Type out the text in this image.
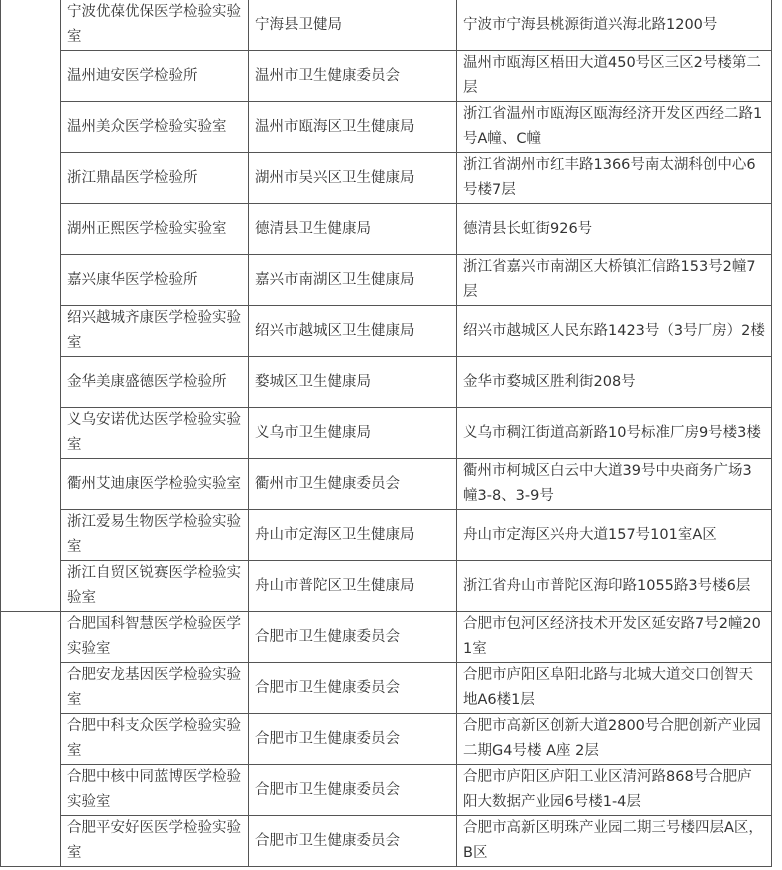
	宁波优葆优保医学检验实验室	宁海县卫健局	宁波市宁海县桃源街道兴海北路1200号
	温州迪安医学检验所	温州市卫生健康委员会	温州市瓯海区梧田大道450号区三区2号楼第二层
	温州美众医学检验实验室	温州市瓯海区卫生健康局	浙江省温州市瓯海区瓯海经济开发区西经二路1号A幢、C幢
	浙江鼎晶医学检验所	湖州市吴兴区卫生健康局	浙江省湖州市红丰路1366号南太湖科创中心6号楼7层
	湖州正熙医学检验实验室	德清县卫生健康局	德清县长虹街926号
	嘉兴康华医学检验所	嘉兴市南湖区卫生健康局	浙江省嘉兴市南湖区大桥镇汇信路153号2幢7层
	绍兴越城齐康医学检验实验室	绍兴市越城区卫生健康局	绍兴市越城区人民东路1423号（3号厂房）2楼
	金华美康盛德医学检验所	婺城区卫生健康局	金华市婺城区胜利街208号
	义乌安诺优达医学检验实验室	义乌市卫生健康局	义乌市稠江街道高新路10号标准厂房9号楼3楼
	衢州艾迪康医学检验实验室	衢州市卫生健康委员会	衢州市柯城区白云中大道39号中央商务广场3幢3-8、3-9号
	浙江爱易生物医学检验实验室	舟山市定海区卫生健康局	舟山市定海区兴舟大道157号101室A区
	浙江自贸区锐赛医学检验实验室	舟山市普陀区卫生健康局	浙江省舟山市普陀区海印路1055路3号楼6层
	合肥国科智慧医学检验医学实验室	合肥市卫生健康委员会	合肥市包河区经济技术开发区延安路7号2幢201室
	合肥安龙基因医学检验实验室	合肥市卫生健康委员会	合肥市庐阳区阜阳北路与北城大道交口创智天地A6楼1层
	合肥中科支众医学检验实验室	合肥市卫生健康委员会	合肥市高新区创新大道2800号合肥创新产业园二期G4号楼 A座 2层
	合肥中核中同蓝博医学检验实验室	合肥市卫生健康委员会	合肥市庐阳区庐阳工业区清河路868号合肥庐阳大数据产业园6号楼1-4层
	合肥平安好医医学检验实验室	合肥市卫生健康委员会	合肥市高新区明珠产业园二期三号楼四层A区，B区
